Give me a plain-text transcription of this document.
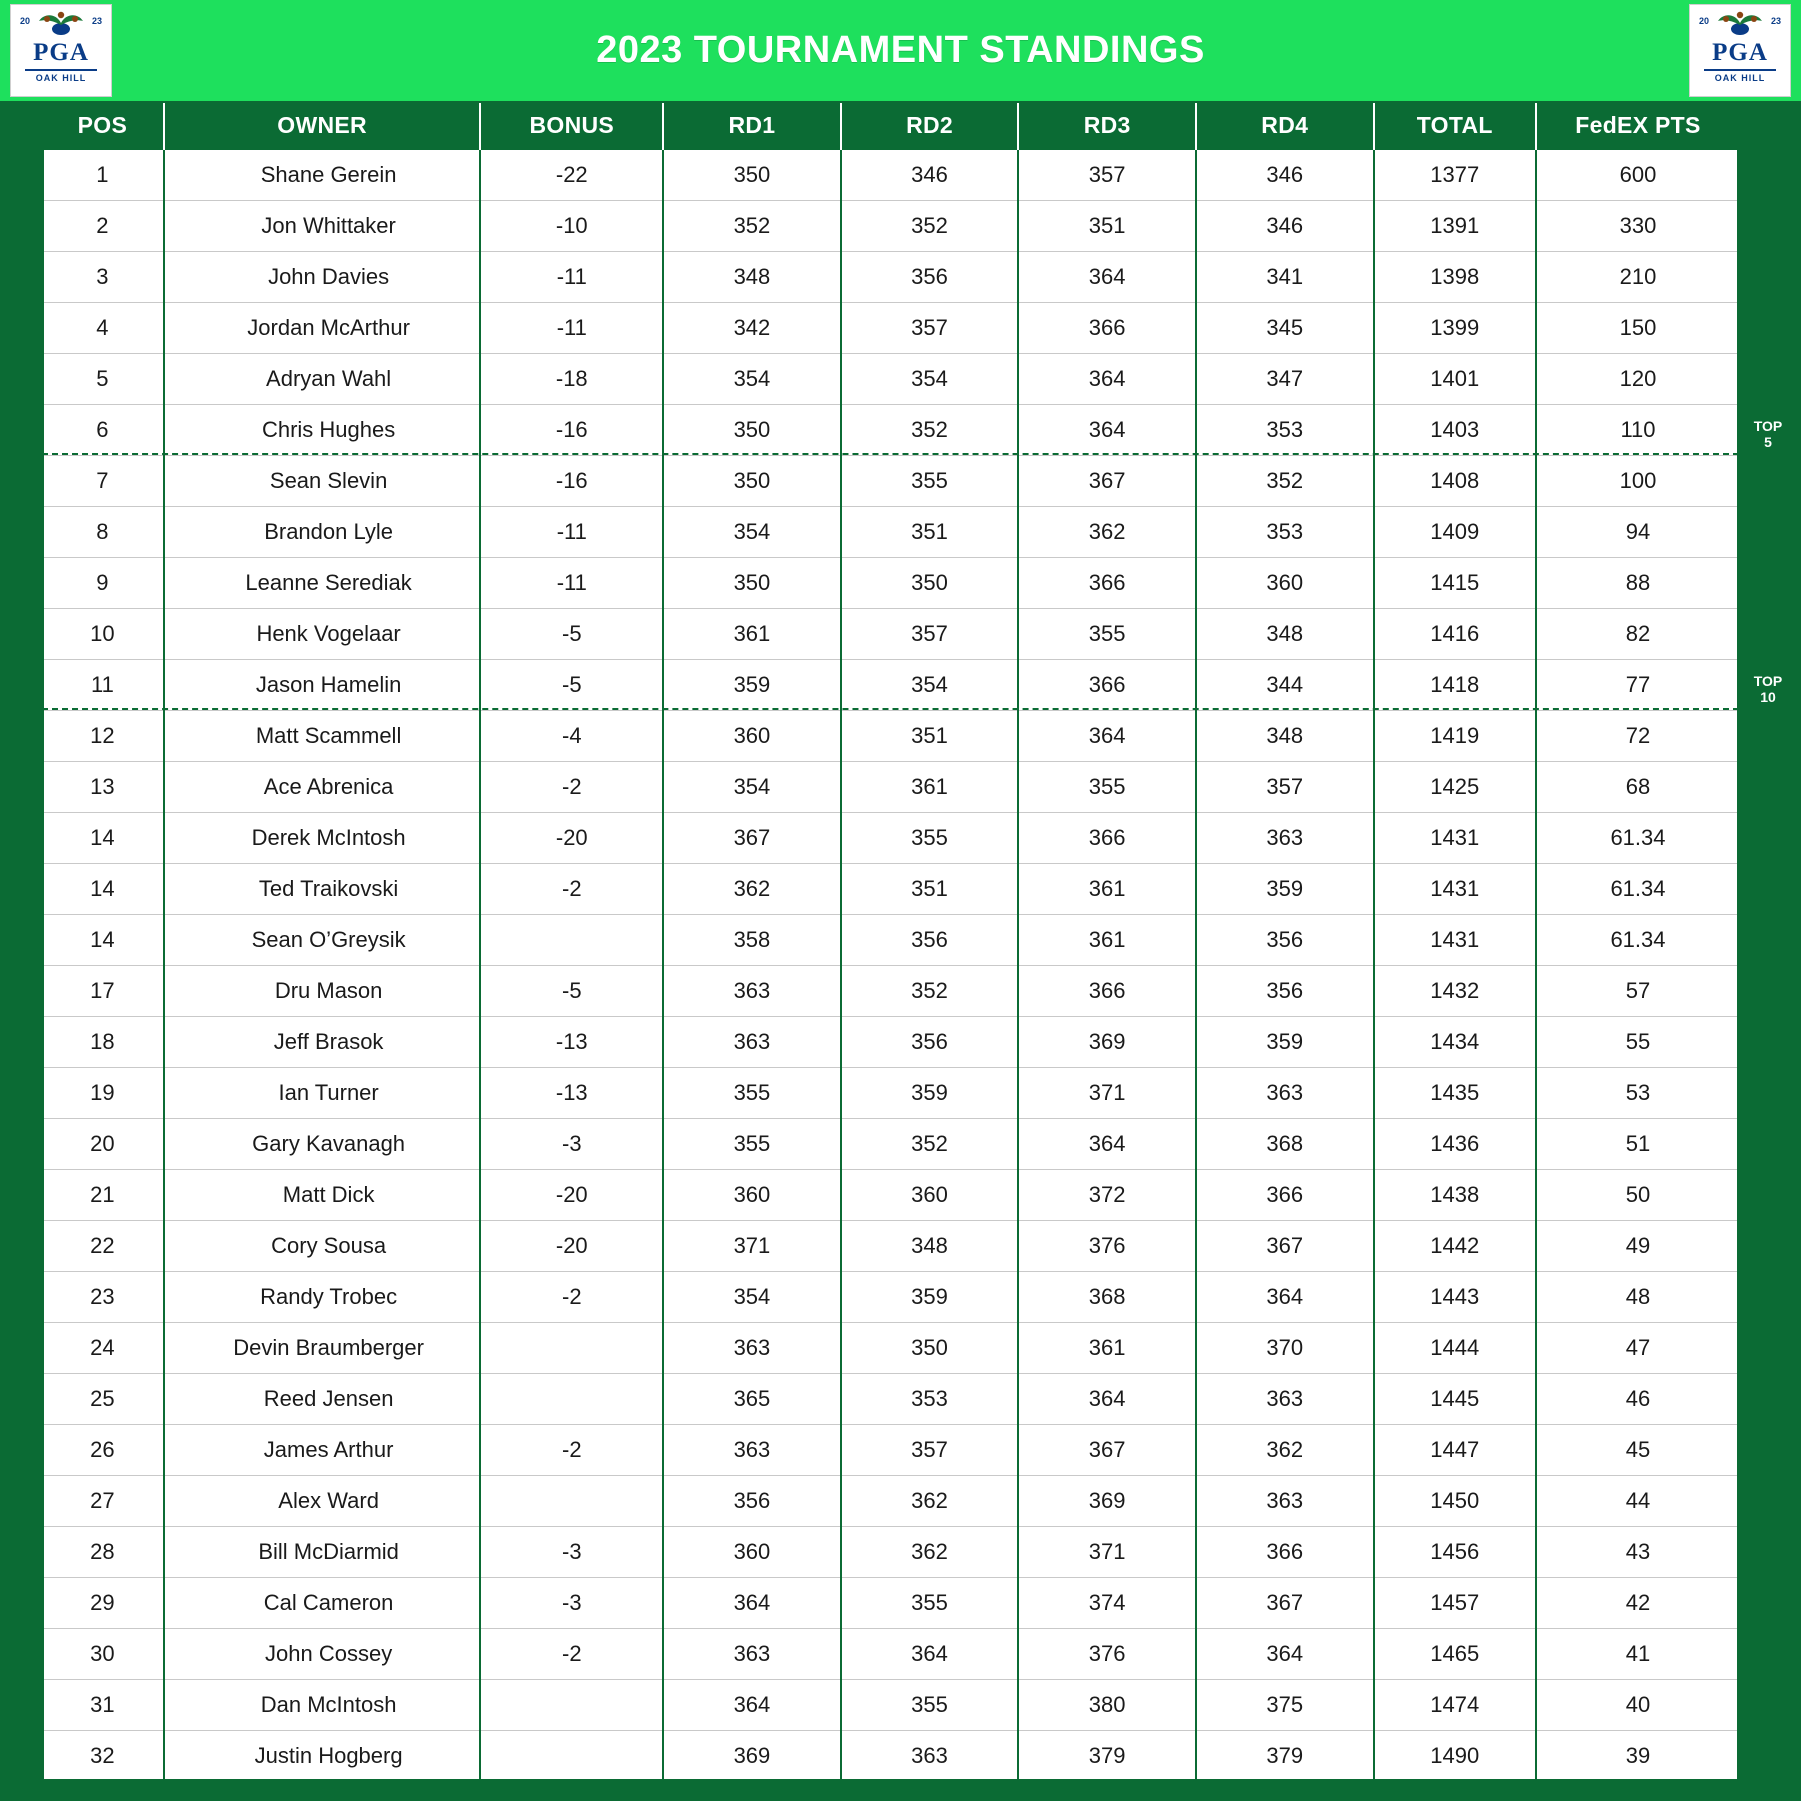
20	23
PGA
OAK HILL
2023 TOURNAMENT STANDINGS
20	23
PGA
OAK HILL
POS	OWNER	BONUS	RD1	RD2	RD3	RD4	TOTAL	FedEX PTS
1	Shane Gerein	-22	350	346	357	346	1377	600
2	Jon Whittaker	-10	352	352	351	346	1391	330
3	John Davies	-11	348	356	364	341	1398	210
4	Jordan McArthur	-11	342	357	366	345	1399	150
5	Adryan Wahl	-18	354	354	364	347	1401	120
6	Chris Hughes	-16	350	352	364	353	1403	110
7	Sean Slevin	-16	350	355	367	352	1408	100
8	Brandon Lyle	-11	354	351	362	353	1409	94
9	Leanne Serediak	-11	350	350	366	360	1415	88
10	Henk Vogelaar	-5	361	357	355	348	1416	82
11	Jason Hamelin	-5	359	354	366	344	1418	77
12	Matt Scammell	-4	360	351	364	348	1419	72
13	Ace Abrenica	-2	354	361	355	357	1425	68
14	Derek McIntosh	-20	367	355	366	363	1431	61.34
14	Ted Traikovski	-2	362	351	361	359	1431	61.34
14	Sean O’Greysik		358	356	361	356	1431	61.34
17	Dru Mason	-5	363	352	366	356	1432	57
18	Jeff Brasok	-13	363	356	369	359	1434	55
19	Ian Turner	-13	355	359	371	363	1435	53
20	Gary Kavanagh	-3	355	352	364	368	1436	51
21	Matt Dick	-20	360	360	372	366	1438	50
22	Cory Sousa	-20	371	348	376	367	1442	49
23	Randy Trobec	-2	354	359	368	364	1443	48
24	Devin Braumberger		363	350	361	370	1444	47
25	Reed Jensen		365	353	364	363	1445	46
26	James Arthur	-2	363	357	367	362	1447	45
27	Alex Ward		356	362	369	363	1450	44
28	Bill McDiarmid	-3	360	362	371	366	1456	43
29	Cal Cameron	-3	364	355	374	367	1457	42
30	John Cossey	-2	363	364	376	364	1465	41
31	Dan McIntosh		364	355	380	375	1474	40
32	Justin Hogberg		369	363	379	379	1490	39
TOP
5
TOP
10
